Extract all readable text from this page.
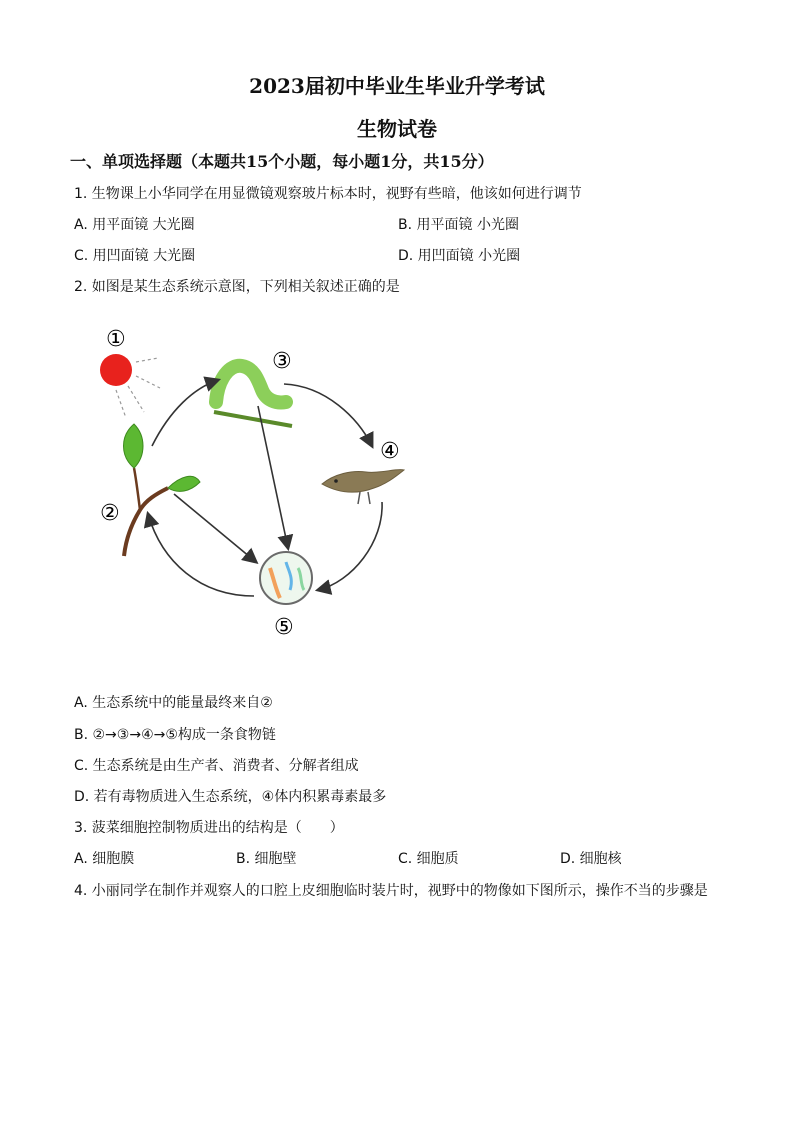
2023届初中毕业生毕业升学考试
生物试卷
一、单项选择题（本题共15个小题，每小题1分，共15分）
1. 生物课上小华同学在用显微镜观察玻片标本时，视野有些暗，他该如何进行调节
A. 用平面镜 大光圈	B. 用平面镜 小光圈
C. 用凹面镜 大光圈	D. 用凹面镜 小光圈
2. 如图是某生态系统示意图，下列相关叙述正确的是
①
②
③
④
⑤
A. 生态系统中的能量最终来自②
B. ②→③→④→⑤构成一条食物链
C. 生态系统是由生产者、消费者、分解者组成
D. 若有毒物质进入生态系统，④体内积累毒素最多
3. 菠菜细胞控制物质进出的结构是（　　）
A. 细胞膜	B. 细胞壁	C. 细胞质	D. 细胞核
4. 小丽同学在制作并观察人的口腔上皮细胞临时装片时，视野中的物像如下图所示，操作不当的步骤是
